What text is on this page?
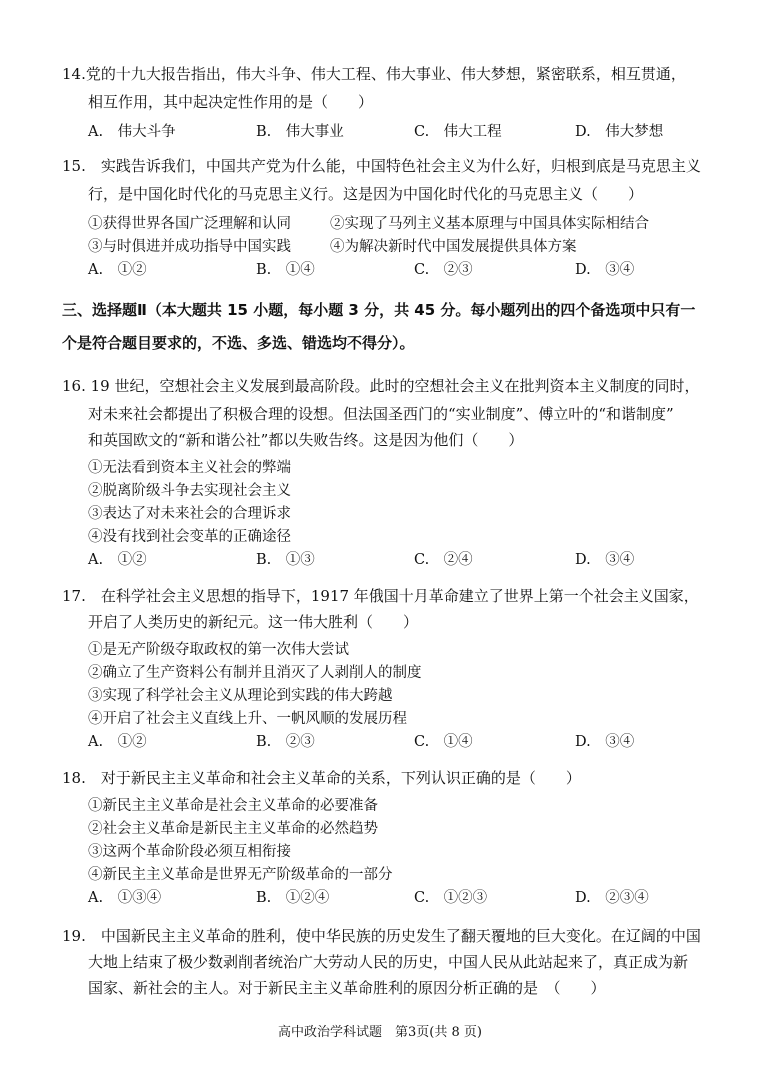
14.党的十九大报告指出，伟大斗争、伟大工程、伟大事业、伟大梦想，紧密联系，相互贯通，
相互作用，其中起决定性作用的是（　　）
A.　伟大斗争	B.　伟大事业	C.　伟大工程	D.　伟大梦想
15.　实践告诉我们，中国共产党为什么能，中国特色社会主义为什么好，归根到底是马克思主义
行，是中国化时代化的马克思主义行。这是因为中国化时代化的马克思主义（　　）
①获得世界各国广泛理解和认同	②实现了马列主义基本原理与中国具体实际相结合
③与时俱进并成功指导中国实践	④为解决新时代中国发展提供具体方案
A.　①②	B.　①④	C.　②③	D.　③④
三、选择题Ⅱ（本大题共 15 小题，每小题 3 分，共 45 分。每小题列出的四个备选项中只有一
个是符合题目要求的，不选、多选、错选均不得分）。
16. 19 世纪，空想社会主义发展到最高阶段。此时的空想社会主义在批判资本主义制度的同时，
对未来社会都提出了积极合理的设想。但法国圣西门的“实业制度”、傅立叶的“和谐制度”
和英国欧文的“新和谐公社”都以失败告终。这是因为他们（　　）
①无法看到资本主义社会的弊端
②脱离阶级斗争去实现社会主义
③表达了对未来社会的合理诉求
④没有找到社会变革的正确途径
A.　①②	B.　①③	C.　②④	D.　③④
17.　在科学社会主义思想的指导下，1917 年俄国十月革命建立了世界上第一个社会主义国家，
开启了人类历史的新纪元。这一伟大胜利（　　）
①是无产阶级夺取政权的第一次伟大尝试
②确立了生产资料公有制并且消灭了人剥削人的制度
③实现了科学社会主义从理论到实践的伟大跨越
④开启了社会主义直线上升、一帆风顺的发展历程
A.　①②	B.　②③	C.　①④	D.　③④
18.　对于新民主主义革命和社会主义革命的关系，下列认识正确的是（　　）
①新民主主义革命是社会主义革命的必要准备
②社会主义革命是新民主主义革命的必然趋势
③这两个革命阶段必须互相衔接
④新民主主义革命是世界无产阶级革命的一部分
A.　①③④	B.　①②④	C.　①②③	D.　②③④
19.　中国新民主主义革命的胜利，使中华民族的历史发生了翻天覆地的巨大变化。在辽阔的中国
大地上结束了极少数剥削者统治广大劳动人民的历史，中国人民从此站起来了，真正成为新
国家、新社会的主人。对于新民主主义革命胜利的原因分析正确的是　（　　）
高中政治学科试题　第3页(共 8 页)
